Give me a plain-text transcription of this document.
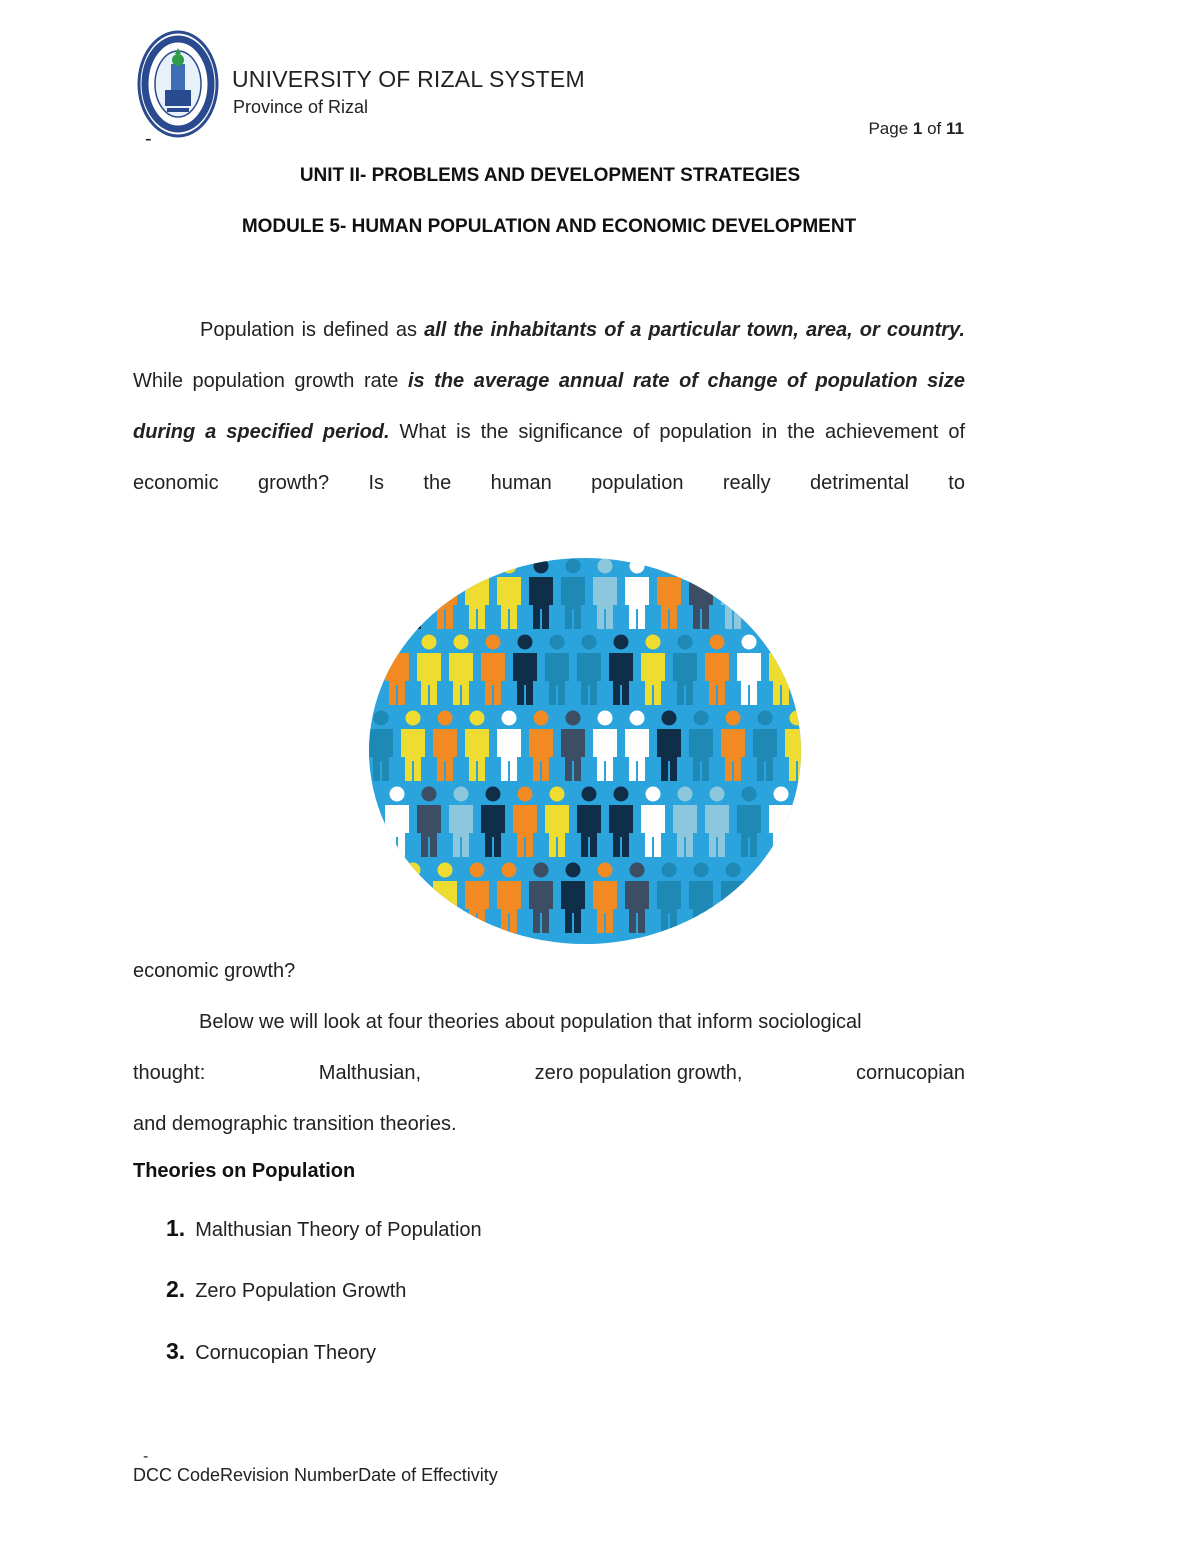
UNIVERSITY OF RIZAL SYSTEM
Province of Rizal
-	Page 1 of 11
UNIT II- PROBLEMS AND DEVELOPMENT STRATEGIES
MODULE 5- HUMAN POPULATION AND ECONOMIC DEVELOPMENT
Population is defined as all the inhabitants of a particular town, area, or country. While population growth rate is the average annual rate of change of population size during a specified period. What is the significance of population in the achievement of economic growth? Is the human population really detrimental to
economic growth?
Below we will look at four theories about population that inform sociological
thought:	Malthusian,	zero population growth,	cornucopian
and demographic transition theories.
Theories on Population
1. Malthusian Theory of Population
2. Zero Population Growth
3. Cornucopian Theory
-
DCC CodeRevision NumberDate of Effectivity
